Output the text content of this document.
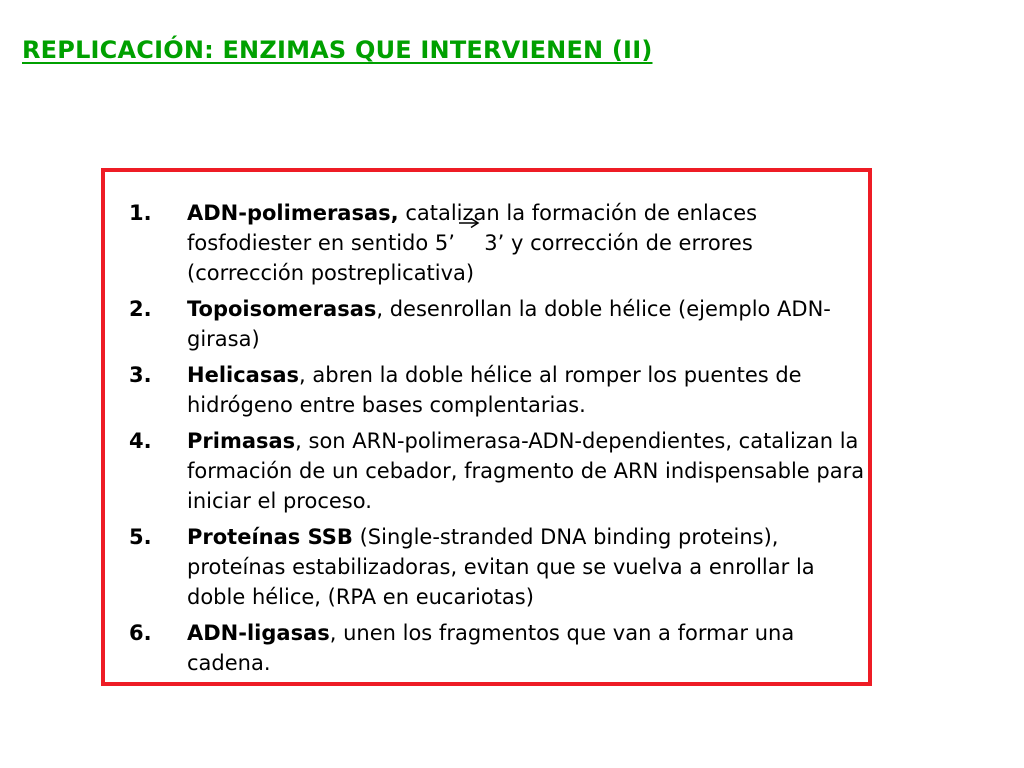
REPLICACIÓN: ENZIMAS QUE INTERVIENEN (II)
1. ADN-polimerasas, catalizan la formación de enlaces fosfodiester en sentido 5’
3’ y corrección de errores (corrección postreplicativa)
2. Topoisomerasas, desenrollan la doble hélice (ejemplo ADN-girasa)
3. Helicasas, abren la doble hélice al romper los puentes de hidrógeno entre bases complentarias.
4. Primasas, son ARN-polimerasa-ADN-dependientes, catalizan la formación de un cebador, fragmento de ARN indispensable para iniciar el proceso.
5. Proteínas SSB (Single-stranded DNA binding proteins), proteínas estabilizadoras, evitan que se vuelva a enrollar la doble hélice, (RPA en eucariotas)
6. ADN-ligasas, unen los fragmentos que van a formar una cadena.
